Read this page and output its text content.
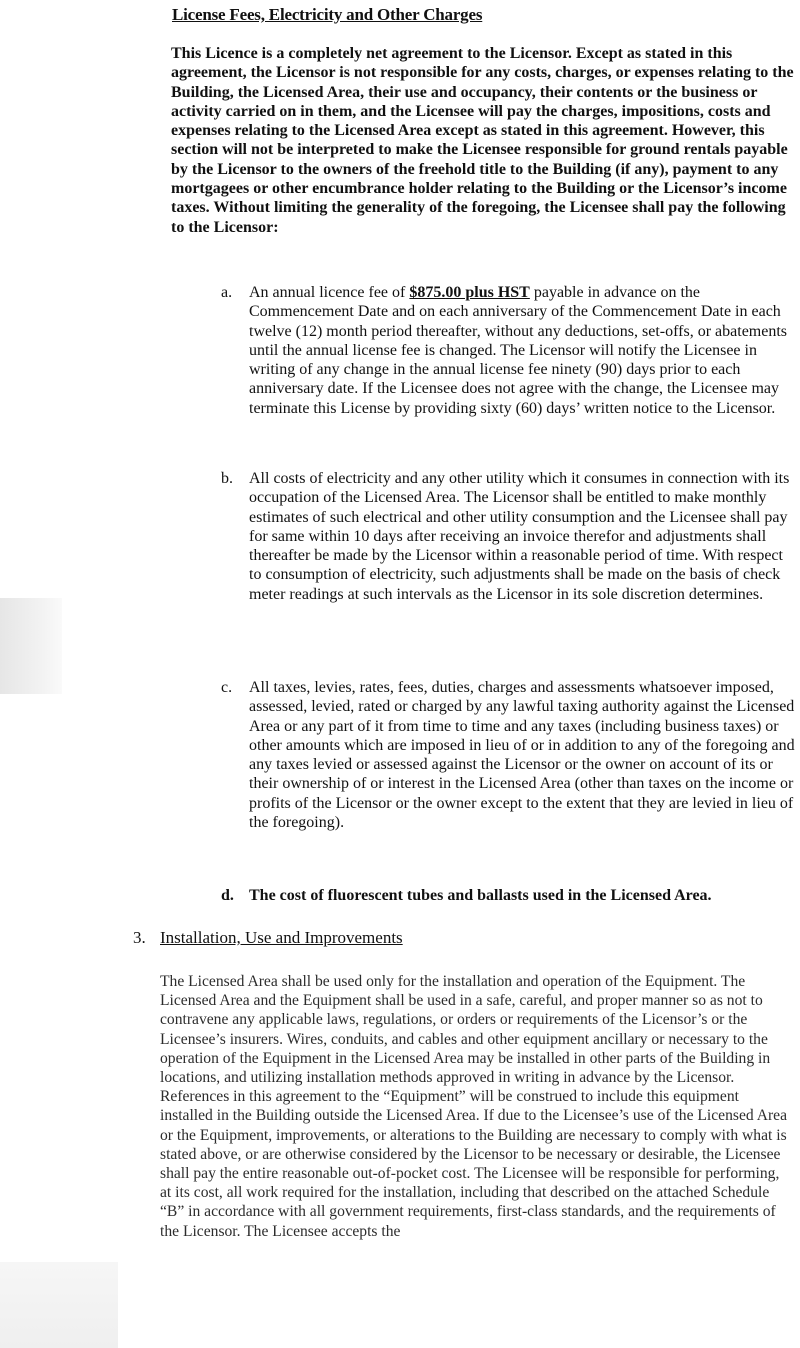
License Fees, Electricity and Other Charges
This Licence is a completely net agreement to the Licensor. Except as stated in this agreement, the Licensor is not responsible for any costs, charges, or expenses relating to the Building, the Licensed Area, their use and occupancy, their contents or the business or activity carried on in them, and the Licensee will pay the charges, impositions, costs and expenses relating to the Licensed Area except as stated in this agreement. However, this section will not be interpreted to make the Licensee responsible for ground rentals payable by the Licensor to the owners of the freehold title to the Building (if any), payment to any mortgagees or other encumbrance holder relating to the Building or the Licensor’s income taxes. Without limiting the generality of the foregoing, the Licensee shall pay the following to the Licensor:
a.	An annual licence fee of $875.00 plus HST payable in advance on the Commencement Date and on each anniversary of the Commencement Date in each twelve (12) month period thereafter, without any deductions, set-offs, or abatements until the annual license fee is changed. The Licensor will notify the Licensee in writing of any change in the annual license fee ninety (90) days prior to each anniversary date. If the Licensee does not agree with the change, the Licensee may terminate this License by providing sixty (60) days’ written notice to the Licensor.
b.	All costs of electricity and any other utility which it consumes in connection with its occupation of the Licensed Area. The Licensor shall be entitled to make monthly estimates of such electrical and other utility consumption and the Licensee shall pay for same within 10 days after receiving an invoice therefor and adjustments shall thereafter be made by the Licensor within a reasonable period of time. With respect to consumption of electricity, such adjustments shall be made on the basis of check meter readings at such intervals as the Licensor in its sole discretion determines.
c.	All taxes, levies, rates, fees, duties, charges and assessments whatsoever imposed, assessed, levied, rated or charged by any lawful taxing authority against the Licensed Area or any part of it from time to time and any taxes (including business taxes) or other amounts which are imposed in lieu of or in addition to any of the foregoing and any taxes levied or assessed against the Licensor or the owner on account of its or their ownership of or interest in the Licensed Area (other than taxes on the income or profits of the Licensor or the owner except to the extent that they are levied in lieu of the foregoing).
d. The cost of fluorescent tubes and ballasts used in the Licensed Area.
3. Installation, Use and Improvements
The Licensed Area shall be used only for the installation and operation of the Equipment. The Licensed Area and the Equipment shall be used in a safe, careful, and proper manner so as not to contravene any applicable laws, regulations, or orders or requirements of the Licensor’s or the Licensee’s insurers. Wires, conduits, and cables and other equipment ancillary or necessary to the operation of the Equipment in the Licensed Area may be installed in other parts of the Building in locations, and utilizing installation methods approved in writing in advance by the Licensor. References in this agreement to the “Equipment” will be construed to include this equipment installed in the Building outside the Licensed Area. If due to the Licensee’s use of the Licensed Area or the Equipment, improvements, or alterations to the Building are necessary to comply with what is stated above, or are otherwise considered by the Licensor to be necessary or desirable, the Licensee shall pay the entire reasonable out-of-pocket cost. The Licensee will be responsible for performing, at its cost, all work required for the installation, including that described on the attached Schedule “B” in accordance with all government requirements, first-class standards, and the requirements of the Licensor. The Licensee accepts the
